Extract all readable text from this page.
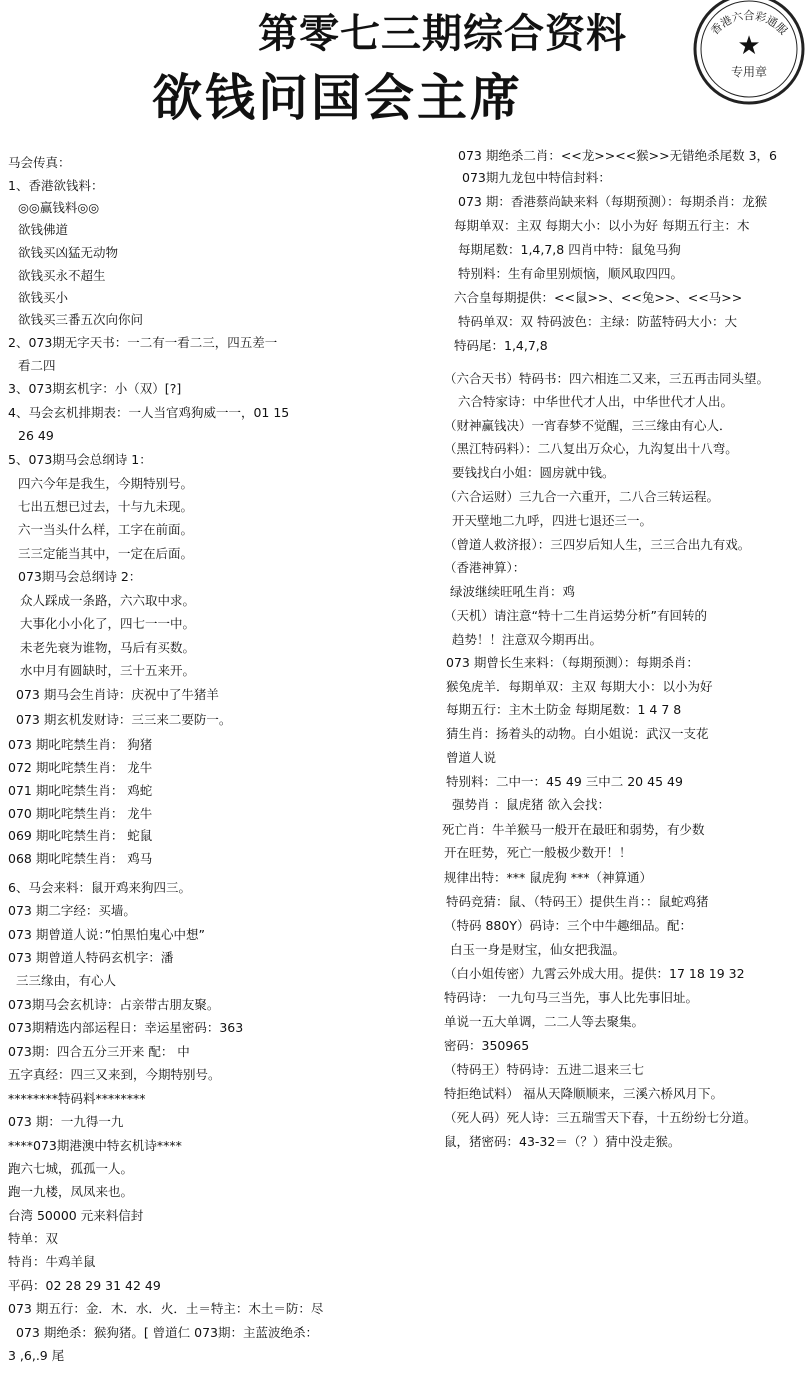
第零七三期综合资料
欲钱问国会主席
香港六合彩通服
★
专用章
马会传真：
1、香港欲钱料：
◎◎赢钱料◎◎
欲钱佛道
欲钱买凶猛无动物
欲钱买永不超生
欲钱买小
欲钱买三番五次向你问
2、073期无字天书：一二有一看二三，四五差一
看二四
3、073期玄机字：小（双）[?]
4、马会玄机排期表：一人当官鸡狗威一一，01 15
26 49
5、073期马会总纲诗 1：
四六今年是我生，今期特别号。
七出五想已过去，十与九未现。
六一当头什么样，工字在前面。
三三定能当其中，一定在后面。
073期马会总纲诗 2：
众人踩成一条路，六六取中求。
大事化小小化了，四七一一中。
未老先衰为谁物，马后有买数。
水中月有圆缺时，三十五来开。
073 期马会生肖诗：庆祝中了牛猪羊
073 期玄机发财诗：三三来二要防一。
073 期叱咤禁生肖： 狗猪
072 期叱咤禁生肖： 龙牛
071 期叱咤禁生肖： 鸡蛇
070 期叱咤禁生肖： 龙牛
069 期叱咤禁生肖： 蛇鼠
068 期叱咤禁生肖： 鸡马
6、马会来料：鼠开鸡来狗四三。
073 期二字经：买墙。
073 期曾道人说：”怕黑怕鬼心中想”
073 期曾道人特码玄机字：潘
三三缘由，有心人
073期马会玄机诗：占亲带古朋友聚。
073期精选内部运程日：幸运星密码：363
073期：四合五分三开来 配： 中
五字真经：四三又来到，今期特别号。
********特码料********
073 期：一九得一九
****073期港澳中特玄机诗****
跑六七城，孤孤一人。
跑一九楼，凤凤来也。
台湾 50000 元来料信封
特单：双
特肖：牛鸡羊鼠
平码：02 28 29 31 42 49
073 期五行：金．木．水．火．土＝特主：木土＝防：尽
073 期绝杀：猴狗猪。[ 曾道仁 073期：主蓝波绝杀：
3 ,6,.9 尾
073 期绝杀二肖：<<龙>><<猴>>无错绝杀尾数 3，6
073期九龙包中特信封料：
073 期：香港蔡尚缺来料（每期预测）：每期杀肖：龙猴
每期单双：主双 每期大小：以小为好 每期五行主：木
每期尾数：1,4,7,8 四肖中特：鼠兔马狗
特别料：生有命里别烦恼，顺风取四四。
六合皇每期提供：<<鼠>>、<<兔>>、<<马>>
特码单双：双 特码波色：主绿：防蓝特码大小：大
特码尾：1,4,7,8
（六合天书）特码书：四六相连二又来，三五再击同头望。
六合特家诗：中华世代才人出，中华世代才人出。
（财神赢钱决）一宵春梦不觉醒，三三缘由有心人．
（黑江特码料）：二八复出万众心，九沟复出十八弯。
要钱找白小姐：圆房就中钱。
（六合运财）三九合一六重开，二八合三转运程。
开天壁地二九呼，四进七退还三一。
（曾道人救济报）：三四岁后知人生，三三合出九有戏。
（香港神算）：
绿波继续旺吼生肖：鸡
（天机）请注意“特十二生肖运势分析”有回转的
趋势！！注意双今期再出。
073 期曾长生来料：（每期预测）：每期杀肖：
猴兔虎羊．每期单双：主双 每期大小：以小为好
每期五行：主木土防金 每期尾数：1 4 7 8
猜生肖：扬着头的动物。白小姐说：武汉一支花
曾道人说
特别料：二中一：45 49 三中二 20 45 49
强势肖 ：鼠虎猪 欲入会找：
死亡肖：牛羊猴马一般开在最旺和弱势，有少数
开在旺势，死亡一般极少数开！！
规律出特：*** 鼠虎狗 ***（神算通）
特码竞猜：鼠、（特码王）提供生肖：：鼠蛇鸡猪
（特码 880Y）码诗：三个中牛趣细品。配：
白玉一身是财宝，仙女把我温。
（白小姐传密）九霄云外成大用。提供：17 18 19 32
特码诗： 一九句马三当先，事人比先事旧址。
单说一五大单调，二二人等去聚集。
密码：350965
（特码王）特码诗：五进二退来三七
特拒绝试料） 福从天降顺顺来，三溪六桥风月下。
（死人码）死人诗：三五瑞雪天下春，十五纷纷七分道。
鼠，猪密码：43-32＝（？）猜中没走猴。
